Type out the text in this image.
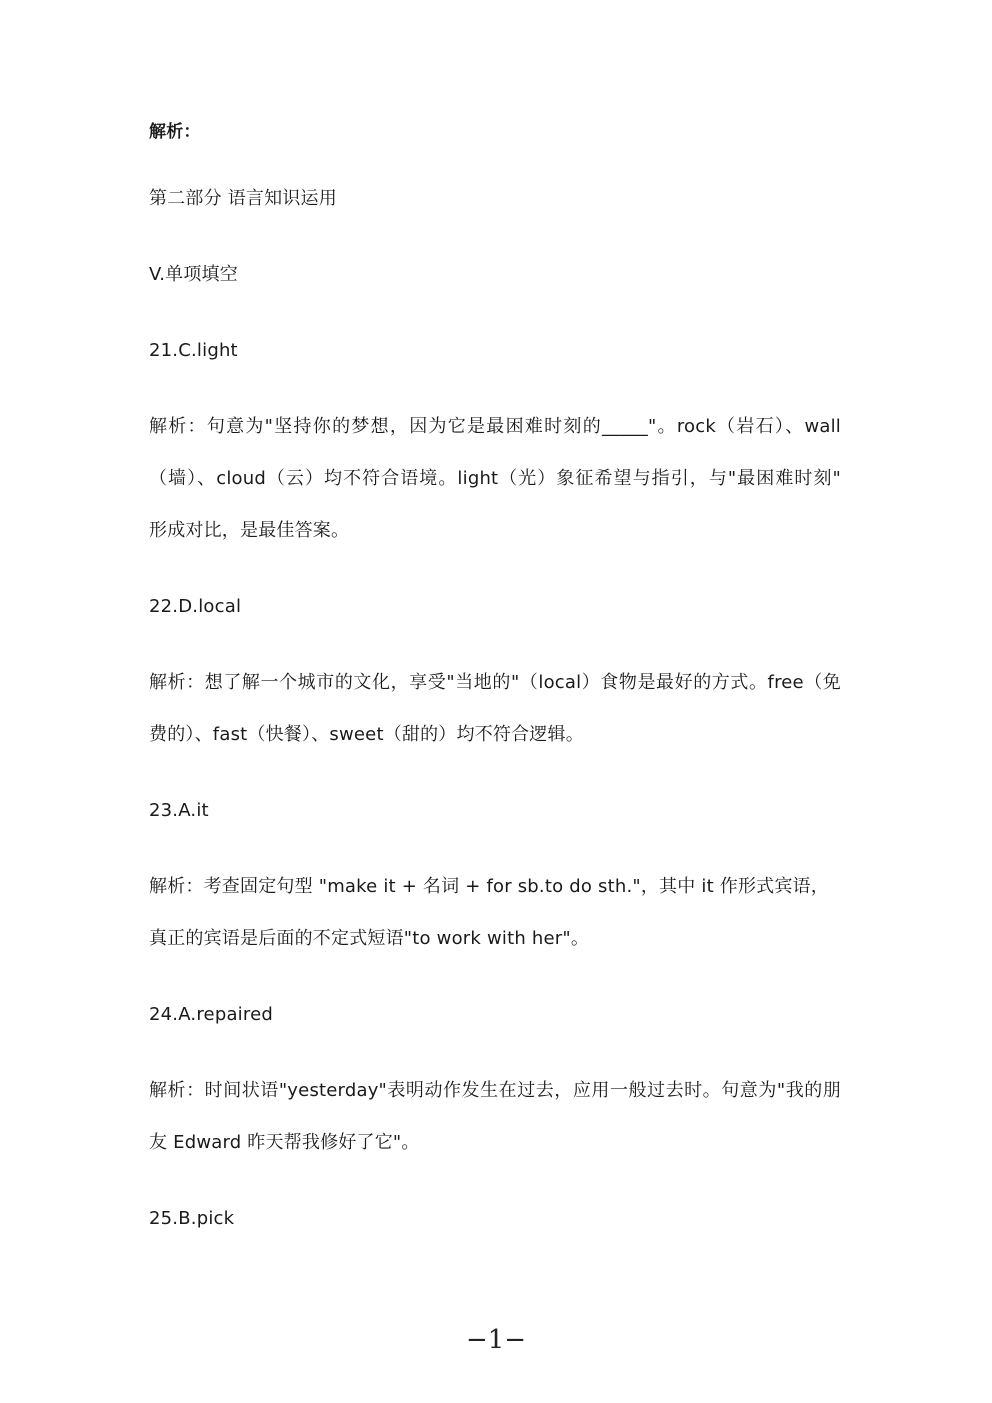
解析：
第二部分 语言知识运用
V.单项填空
21.C.light
解析：句意为"坚持你的梦想，因为它是最困难时刻的_____"。rock（岩石）、wall
（墙）、cloud（云）均不符合语境。light（光）象征希望与指引，与"最困难时刻"
形成对比，是最佳答案。
22.D.local
解析：想了解一个城市的文化，享受"当地的"（local）食物是最好的方式。free（免
费的）、fast（快餐）、sweet（甜的）均不符合逻辑。
23.A.it
解析：考查固定句型 "make it + 名词 + for sb.to do sth."，其中 it 作形式宾语，
真正的宾语是后面的不定式短语"to work with her"。
24.A.repaired
解析：时间状语"yesterday"表明动作发生在过去，应用一般过去时。句意为"我的朋
友 Edward 昨天帮我修好了它"。
25.B.pick
−1−
